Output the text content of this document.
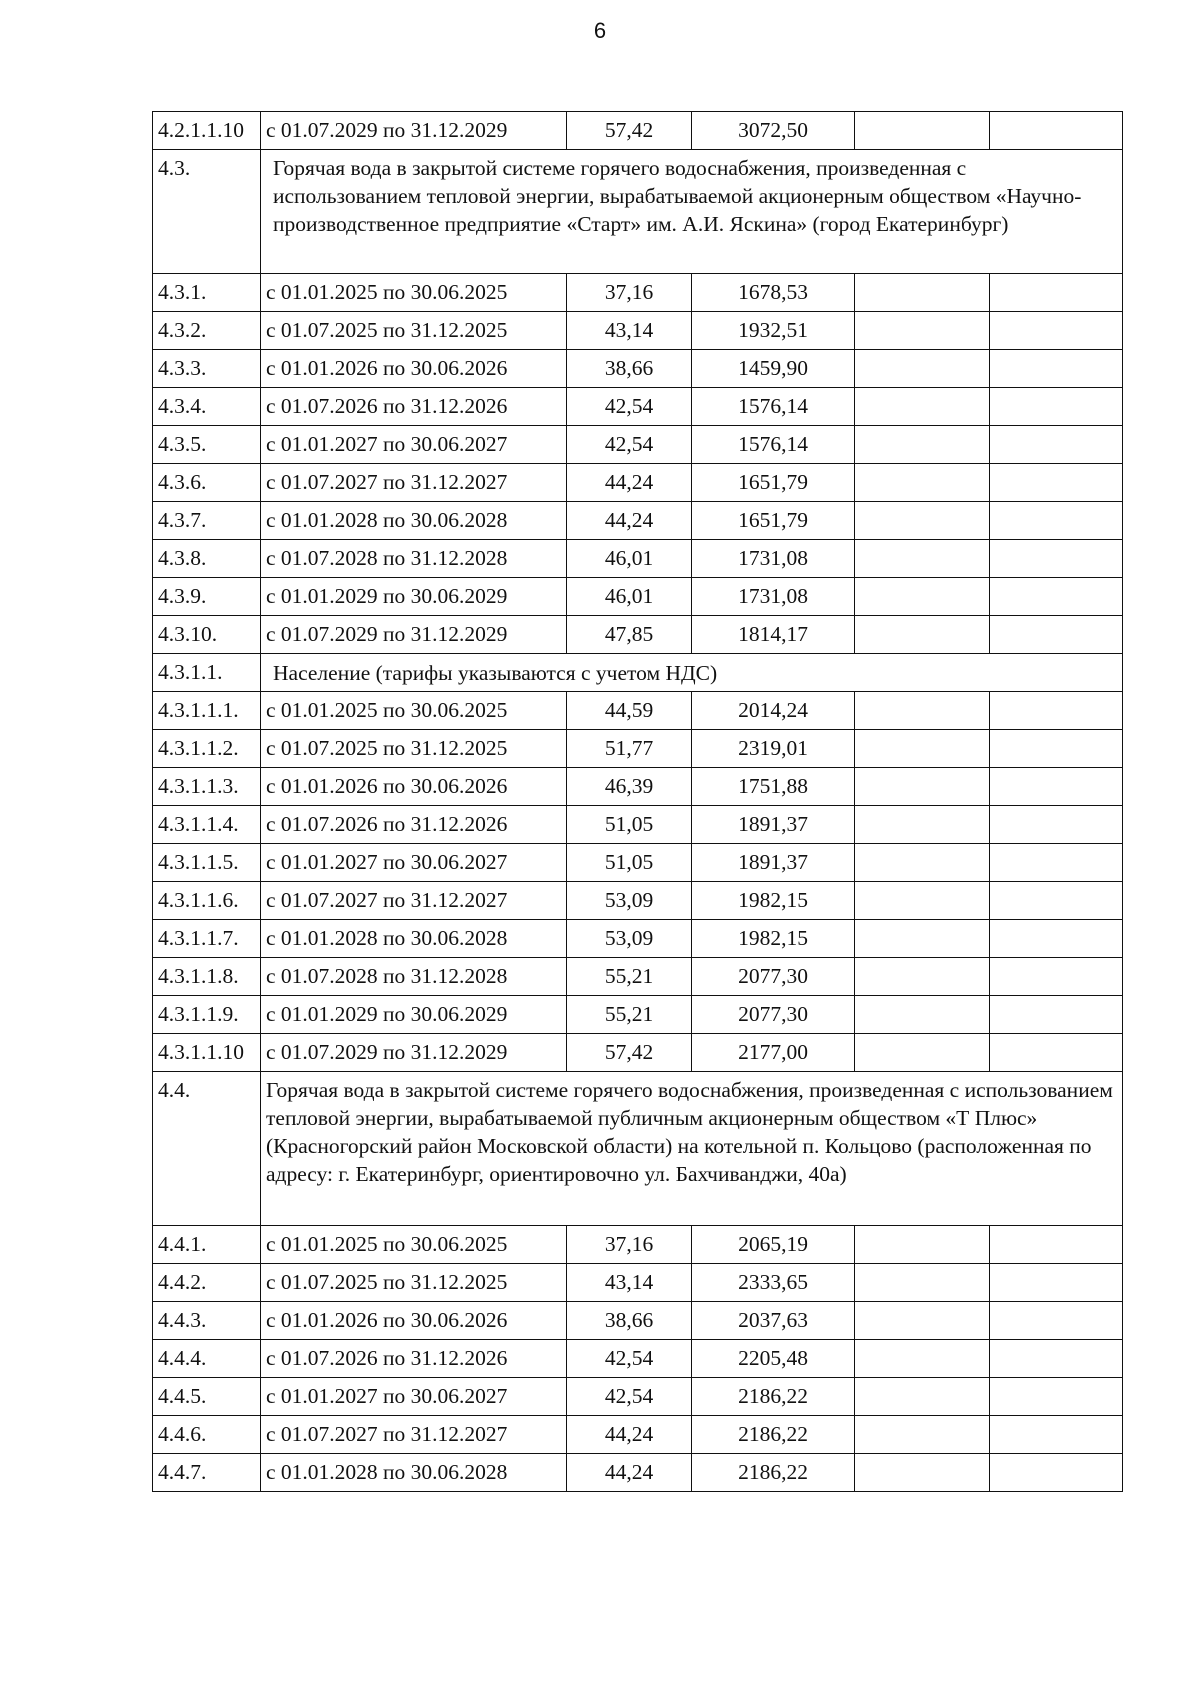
6
4.2.1.1.10	с 01.07.2029 по 31.12.2029	57,42	3072,50		
4.3.	Горячая вода в закрытой системе горячего водоснабжения, произведенная с использованием тепловой энергии, вырабатываемой акционерным обществом «Научно-производственное предприятие «Старт» им. А.И. Яскина» (город Екатеринбург)				
4.3.1.	с 01.01.2025 по 30.06.2025	37,16	1678,53		
4.3.2.	с 01.07.2025 по 31.12.2025	43,14	1932,51		
4.3.3.	с 01.01.2026 по 30.06.2026	38,66	1459,90		
4.3.4.	с 01.07.2026 по 31.12.2026	42,54	1576,14		
4.3.5.	с 01.01.2027 по 30.06.2027	42,54	1576,14		
4.3.6.	с 01.07.2027 по 31.12.2027	44,24	1651,79		
4.3.7.	с 01.01.2028 по 30.06.2028	44,24	1651,79		
4.3.8.	с 01.07.2028 по 31.12.2028	46,01	1731,08		
4.3.9.	с 01.01.2029 по 30.06.2029	46,01	1731,08		
4.3.10.	с 01.07.2029 по 31.12.2029	47,85	1814,17		
4.3.1.1.	Население (тарифы указываются с учетом НДС)				
4.3.1.1.1.	с 01.01.2025 по 30.06.2025	44,59	2014,24		
4.3.1.1.2.	с 01.07.2025 по 31.12.2025	51,77	2319,01		
4.3.1.1.3.	с 01.01.2026 по 30.06.2026	46,39	1751,88		
4.3.1.1.4.	с 01.07.2026 по 31.12.2026	51,05	1891,37		
4.3.1.1.5.	с 01.01.2027 по 30.06.2027	51,05	1891,37		
4.3.1.1.6.	с 01.07.2027 по 31.12.2027	53,09	1982,15		
4.3.1.1.7.	с 01.01.2028 по 30.06.2028	53,09	1982,15		
4.3.1.1.8.	с 01.07.2028 по 31.12.2028	55,21	2077,30		
4.3.1.1.9.	с 01.01.2029 по 30.06.2029	55,21	2077,30		
4.3.1.1.10	с 01.07.2029 по 31.12.2029	57,42	2177,00		
4.4.	Горячая вода в закрытой системе горячего водоснабжения, произведенная с использованием тепловой энергии, вырабатываемой публичным акционерным обществом «Т Плюс» (Красногорский район Московской области) на котельной п. Кольцово (расположенная по адресу: г. Екатеринбург, ориентировочно ул. Бахчиванджи, 40а)				
4.4.1.	с 01.01.2025 по 30.06.2025	37,16	2065,19		
4.4.2.	с 01.07.2025 по 31.12.2025	43,14	2333,65		
4.4.3.	с 01.01.2026 по 30.06.2026	38,66	2037,63		
4.4.4.	с 01.07.2026 по 31.12.2026	42,54	2205,48		
4.4.5.	с 01.01.2027 по 30.06.2027	42,54	2186,22		
4.4.6.	с 01.07.2027 по 31.12.2027	44,24	2186,22		
4.4.7.	с 01.01.2028 по 30.06.2028	44,24	2186,22		
